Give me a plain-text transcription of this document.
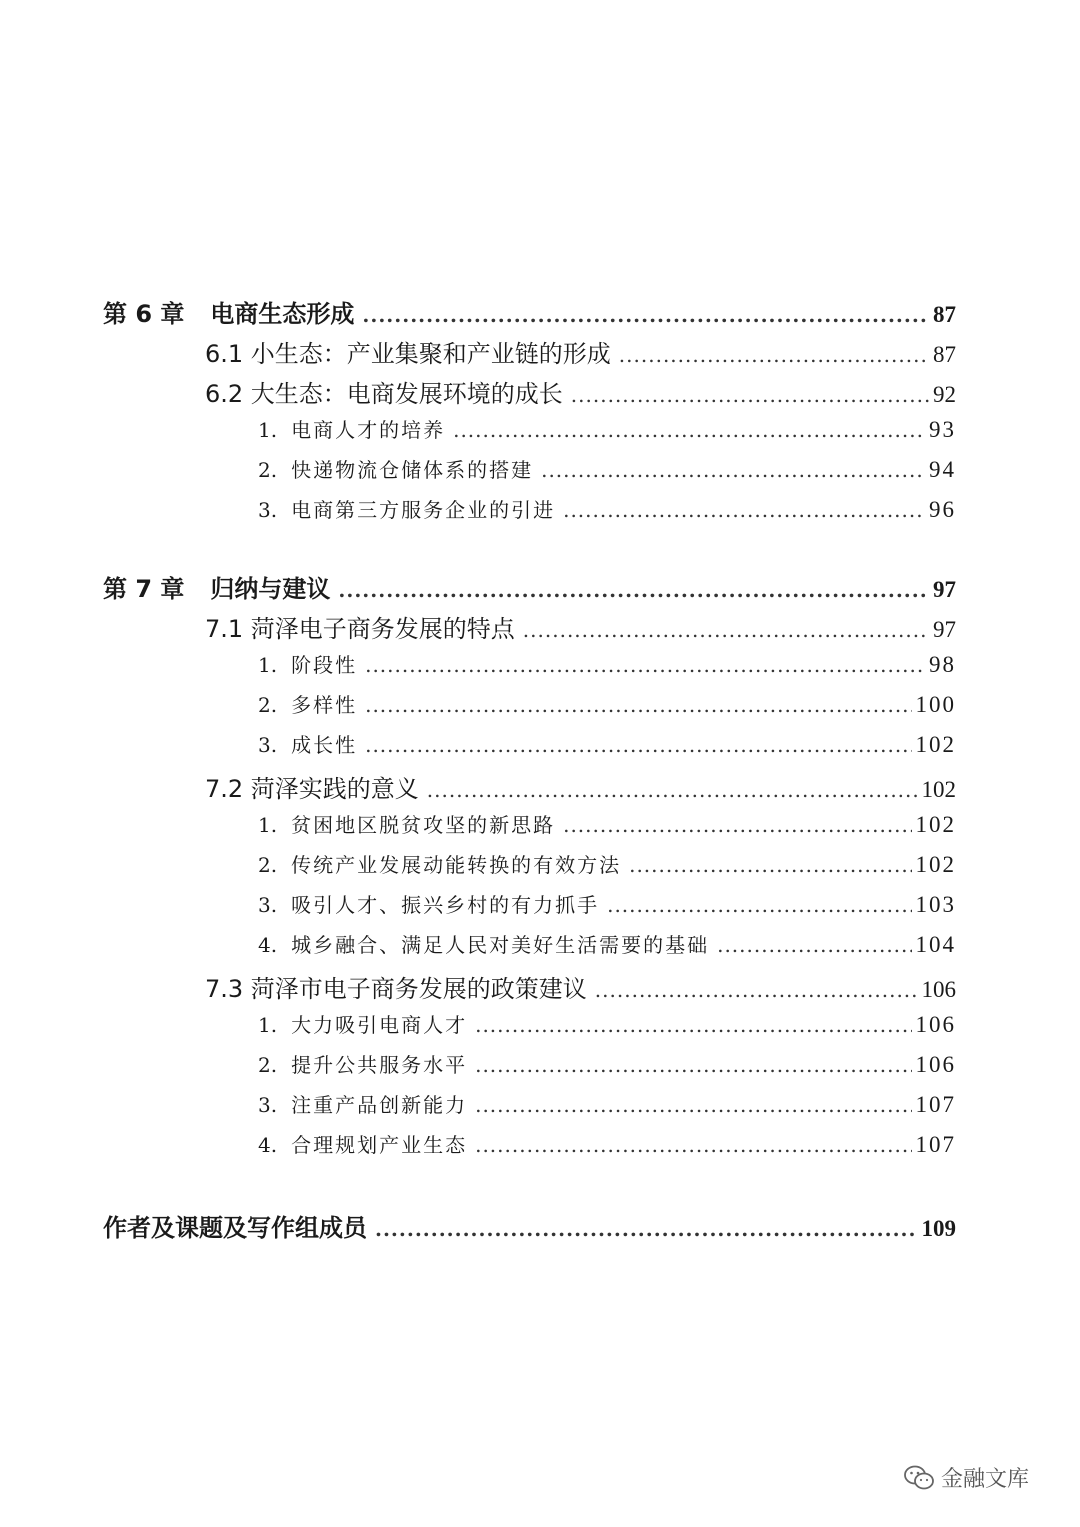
第 6 章 电商生态形成 .....	87
6.1 小生态：产业集聚和产业链的形成 .....	87
6.2 大生态：电商发展环境的成长 .....	92
1. 电商人才的培养 .....	93
2. 快递物流仓储体系的搭建 .....	94
3. 电商第三方服务企业的引进 .....	96
第 7 章 归纳与建议 .....	97
7.1 菏泽电子商务发展的特点 .....	97
1. 阶段性 .....	98
2. 多样性 .....	100
3. 成长性 .....	102
7.2 菏泽实践的意义 .....	102
1. 贫困地区脱贫攻坚的新思路 .....	102
2. 传统产业发展动能转换的有效方法 .....	102
3. 吸引人才、振兴乡村的有力抓手 .....	103
4. 城乡融合、满足人民对美好生活需要的基础 .....	104
7.3 菏泽市电子商务发展的政策建议 .....	106
1. 大力吸引电商人才 .....	106
2. 提升公共服务水平 .....	106
3. 注重产品创新能力 .....	107
4. 合理规划产业生态 .....	107
作者及课题及写作组成员 .....	109
金融文库
